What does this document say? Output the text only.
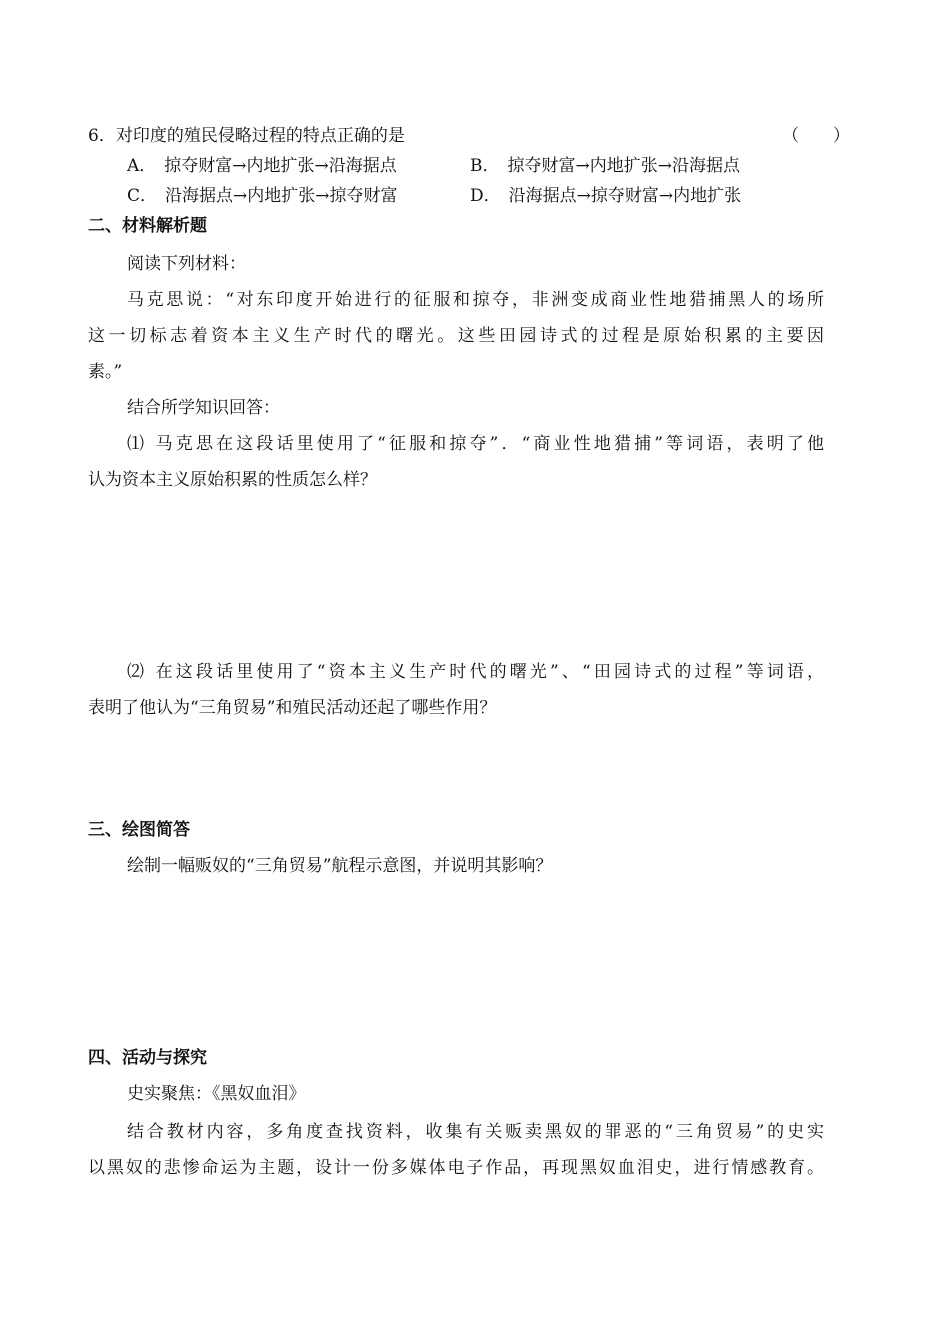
6．对印度的殖民侵略过程的特点正确的是	（　　）
A． 掠夺财富→内地扩张→沿海据点	B． 掠夺财富→内地扩张→沿海据点
C． 沿海据点→内地扩张→掠夺财富	D． 沿海据点→掠夺财富→内地扩张
二、材料解析题
阅读下列材料：
马克思说：“对东印度开始进行的征服和掠夺，非洲变成商业性地猎捕黑人的场所
这一切标志着资本主义生产时代的曙光。这些田园诗式的过程是原始积累的主要因
素。”
结合所学知识回答：
⑴ 马克思在这段话里使用了“征服和掠夺”．“商业性地猎捕”等词语，表明了他
认为资本主义原始积累的性质怎么样？
⑵ 在这段话里使用了“资本主义生产时代的曙光”、“田园诗式的过程”等词语，
表明了他认为“三角贸易”和殖民活动还起了哪些作用？
三、绘图简答
绘制一幅贩奴的“三角贸易”航程示意图，并说明其影响？
四、活动与探究
史实聚焦：《黑奴血泪》
结合教材内容，多角度查找资料，收集有关贩卖黑奴的罪恶的“三角贸易”的史实
以黑奴的悲惨命运为主题，设计一份多媒体电子作品，再现黑奴血泪史，进行情感教育。
